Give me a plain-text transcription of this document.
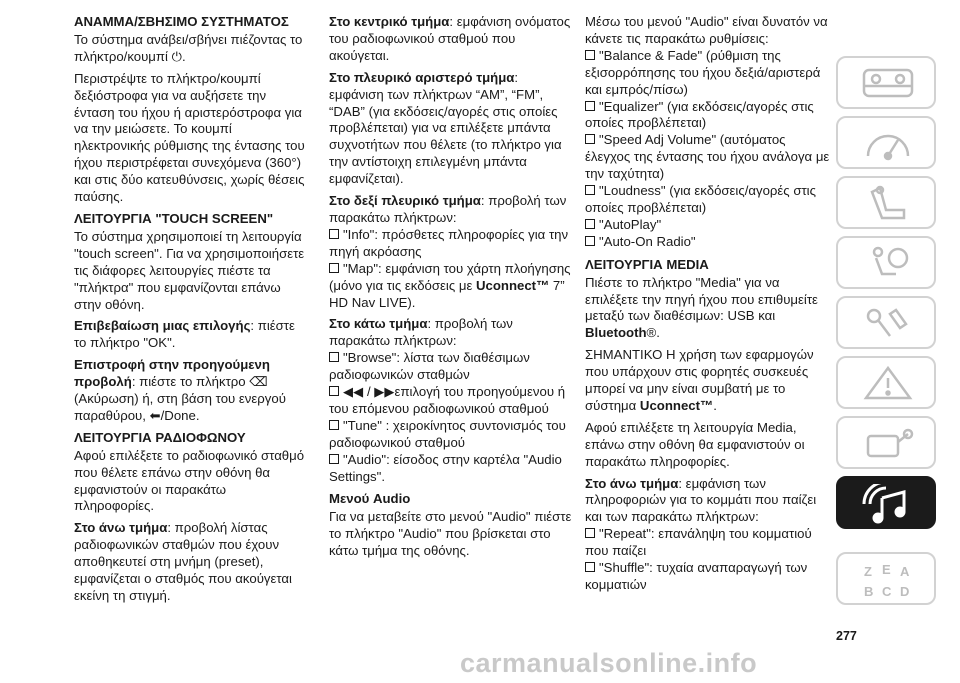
ΑΝΑΜΜΑ/ΣΒΗΣΙΜΟ ΣΥΣΤΗΜΑΤΟΣ

Το σύστημα ανάβει/σβήνει πιέζοντας το πλήκτρο/κουμπί ⏻.

Περιστρέψτε το πλήκτρο/κουμπί δεξιόστροφα για να αυξήσετε την ένταση του ήχου ή αριστερόστροφα για να την μειώσετε. Το κουμπί ηλεκτρονικής ρύθμισης της έντασης του ήχου περιστρέφεται συνεχόμενα (360°) και στις δύο κατευθύνσεις, χωρίς θέσεις παύσης.

ΛΕΙΤΟΥΡΓΙΑ "TOUCH SCREEN"

Το σύστημα χρησιμοποιεί τη λειτουργία "touch screen". Για να χρησιμοποιήσετε τις διάφορες λειτουργίες πιέστε τα "πλήκτρα" που εμφανίζονται επάνω στην οθόνη.

Επιβεβαίωση μιας επιλογής: πιέστε το πλήκτρο "OK".

Επιστροφή στην προηγούμενη προβολή: πιέστε το πλήκτρο ⌫ (Ακύρωση) ή, στη βάση του ενεργού παραθύρου, ⬅/Done.

ΛΕΙΤΟΥΡΓΙΑ ΡΑΔΙΟΦΩΝΟΥ

Αφού επιλέξετε το ραδιοφωνικό σταθμό που θέλετε επάνω στην οθόνη θα εμφανιστούν οι παρακάτω πληροφορίες.

Στο άνω τμήμα: προβολή λίστας ραδιοφωνικών σταθμών που έχουν αποθηκευτεί στη μνήμη (preset), εμφανίζεται ο σταθμός που ακούγεται εκείνη τη στιγμή.

Στο κεντρικό τμήμα: εμφάνιση ονόματος του ραδιοφωνικού σταθμού που ακούγεται.

Στο πλευρικό αριστερό τμήμα: εμφάνιση των πλήκτρων “AM”, “FM”, “DAB” (για εκδόσεις/αγορές στις οποίες προβλέπεται) για να επιλέξετε μπάντα συχνοτήτων που θέλετε (το πλήκτρο για την αντίστοιχη επιλεγμένη μπάντα εμφανίζεται).

Στο δεξί πλευρικό τμήμα: προβολή των παρακάτω πλήκτρων:

"Info": πρόσθετες πληροφορίες για την πηγή ακρόασης
"Map": εμφάνιση του χάρτη πλοήγησης (μόνο για τις εκδόσεις με Uconnect™ 7” HD Nav LIVE).

Στο κάτω τμήμα: προβολή των παρακάτω πλήκτρων:

"Browse": λίστα των διαθέσιμων ραδιοφωνικών σταθμών
◀◀ / ▶▶επιλογή του προηγούμενου ή του επόμενου ραδιοφωνικού σταθμού
"Tune" : χειροκίνητος συντονισμός του ραδιοφωνικού σταθμού
"Audio": είσοδος στην καρτέλα "Audio Settings".
Μενού Audio

Για να μεταβείτε στο μενού "Audio" πιέστε το πλήκτρο "Audio" που βρίσκεται στο κάτω τμήμα της οθόνης.

Μέσω του μενού "Audio" είναι δυνατόν να κάνετε τις παρακάτω ρυθμίσεις:

"Balance & Fade" (ρύθμιση της εξισορρόπησης του ήχου δεξιά/αριστερά και εμπρός/πίσω)
"Equalizer" (για εκδόσεις/αγορές στις οποίες προβλέπεται)
"Speed Adj Volume" (αυτόματος έλεγχος της έντασης του ήχου ανάλογα με την ταχύτητα)
"Loudness" (για εκδόσεις/αγορές στις οποίες προβλέπεται)
"AutoPlay"
"Auto-On Radio"
ΛΕΙΤΟΥΡΓΙΑ MEDIA

Πιέστε το πλήκτρο "Media" για να επιλέξετε την πηγή ήχου που επιθυμείτε μεταξύ των διαθέσιμων: USB και Bluetooth®.

ΣΗΜΑΝΤΙΚΟ Η χρήση των εφαρμογών που υπάρχουν στις φορητές συσκευές μπορεί να μην είναι συμβατή με το σύστημα Uconnect™.

Αφού επιλέξετε τη λειτουργία Media, επάνω στην οθόνη θα εμφανιστούν οι παρακάτω πληροφορίες.

Στο άνω τμήμα: εμφάνιση των πληροφοριών για το κομμάτι που παίζει και των παρακάτω πλήκτρων:

"Repeat": επανάληψη του κομματιού που παίζει
"Shuffle": τυχαία αναπαραγωγή των κομματιών
Z E A
B C D
277
carmanualsonline.info
